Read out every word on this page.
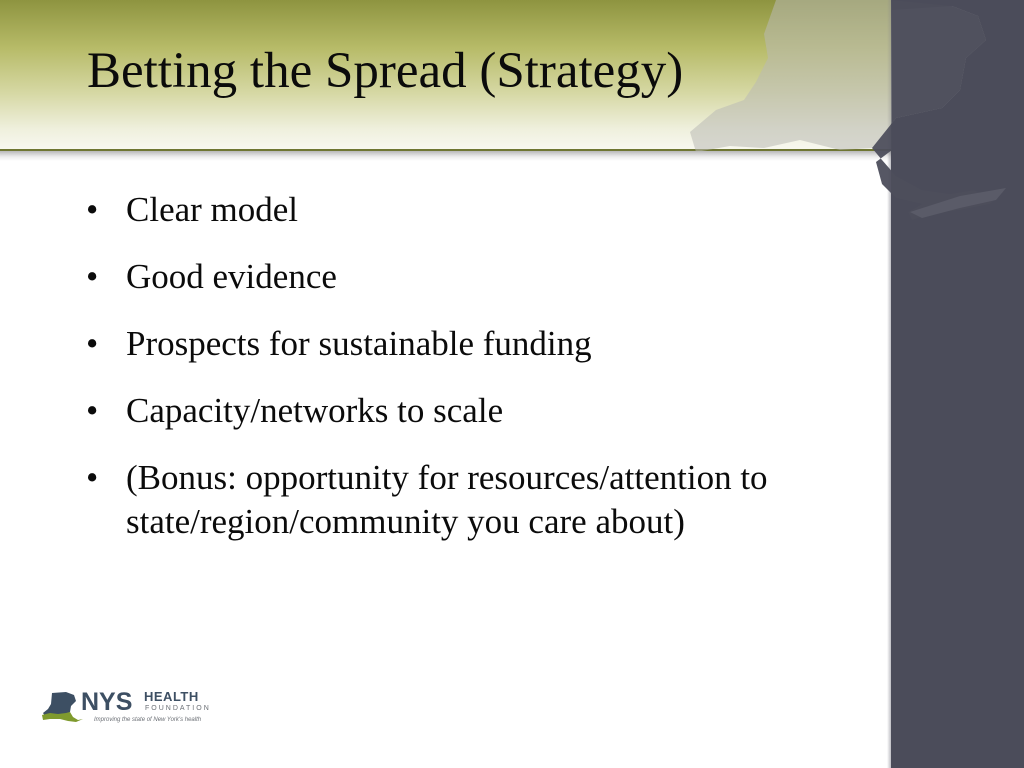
Betting the Spread (Strategy)
• Clear model
• Good evidence
• Prospects for sustainable funding
• Capacity/networks to scale
• (Bonus: opportunity for resources/attention to state/region/community you care about)
NYS HEALTH
FOUNDATION
Improving the state of New York's health
